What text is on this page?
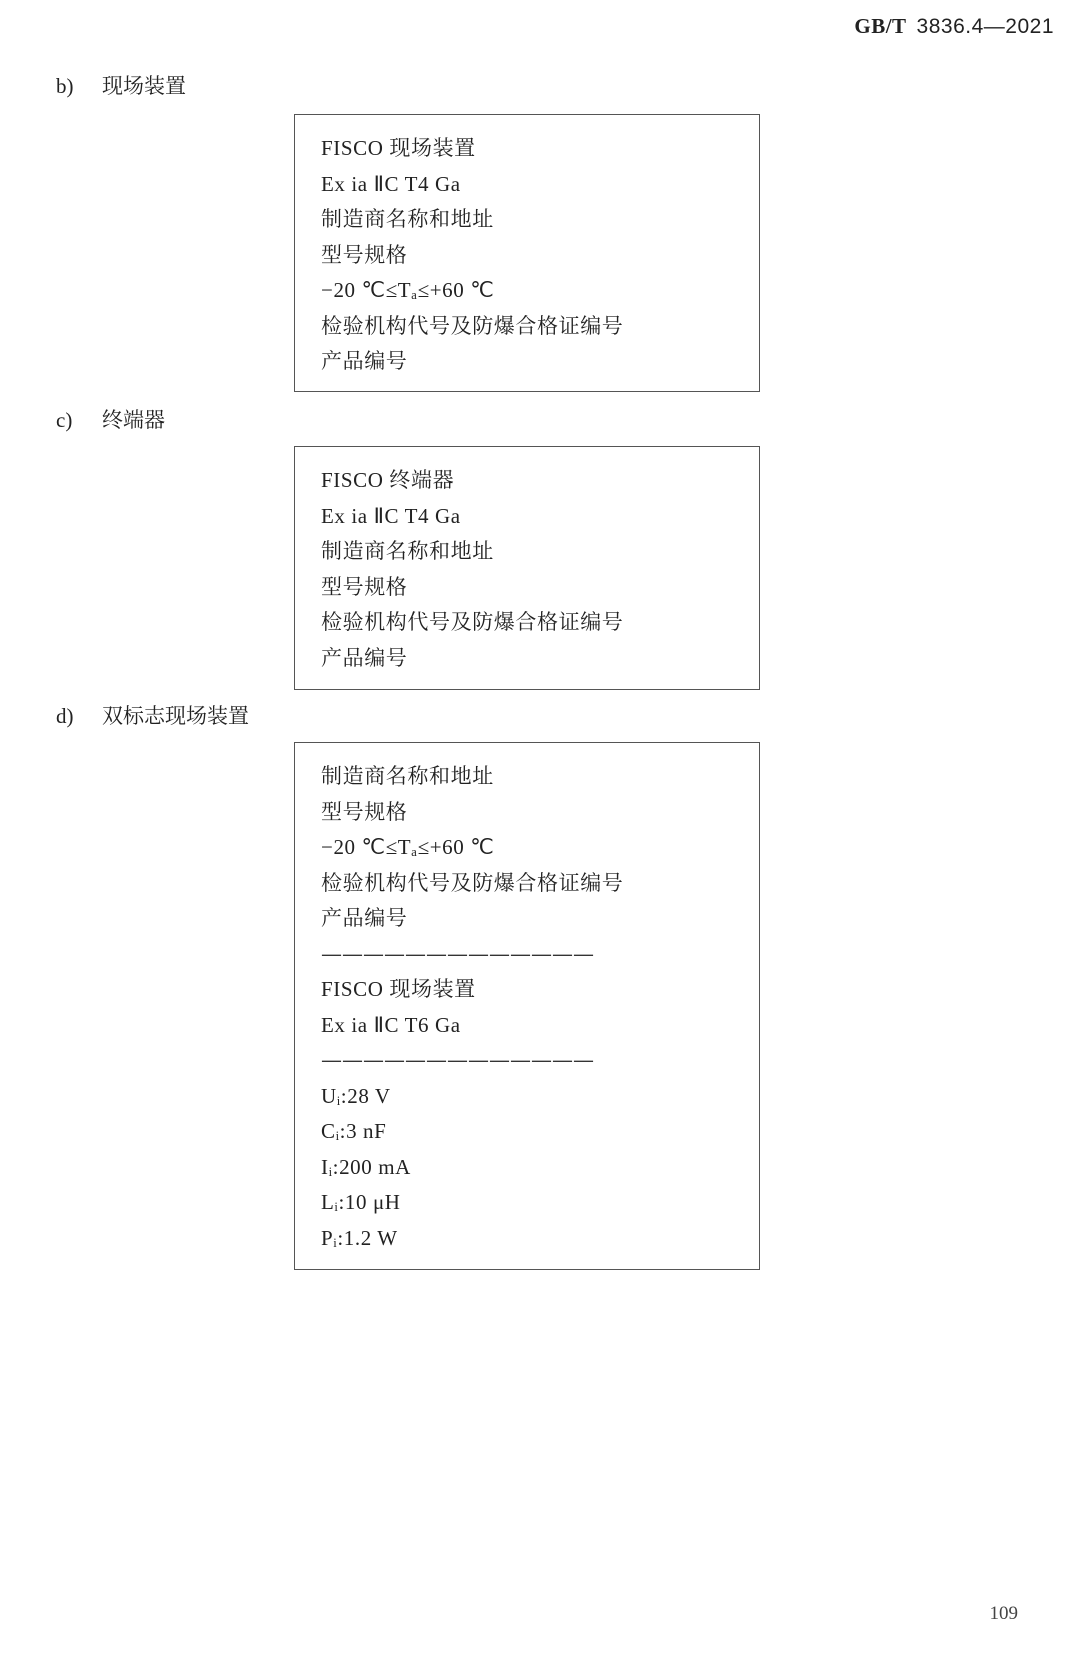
GB/T 3836.4—2021
b) 现场装置
FISCO 现场装置
Ex ia ⅡC T4 Ga
制造商名称和地址
型号规格
−20 ℃≤Tₐ≤+60 ℃
检验机构代号及防爆合格证编号
产品编号
c) 终端器
FISCO 终端器
Ex ia ⅡC T4 Ga
制造商名称和地址
型号规格
检验机构代号及防爆合格证编号
产品编号
d) 双标志现场装置
制造商名称和地址
型号规格
−20 ℃≤Tₐ≤+60 ℃
检验机构代号及防爆合格证编号
产品编号
—————————————
FISCO 现场装置
Ex ia ⅡC T6 Ga
—————————————
Uᵢ:28 V
Cᵢ:3 nF
Iᵢ:200 mA
Lᵢ:10 μH
Pᵢ:1.2 W
109
